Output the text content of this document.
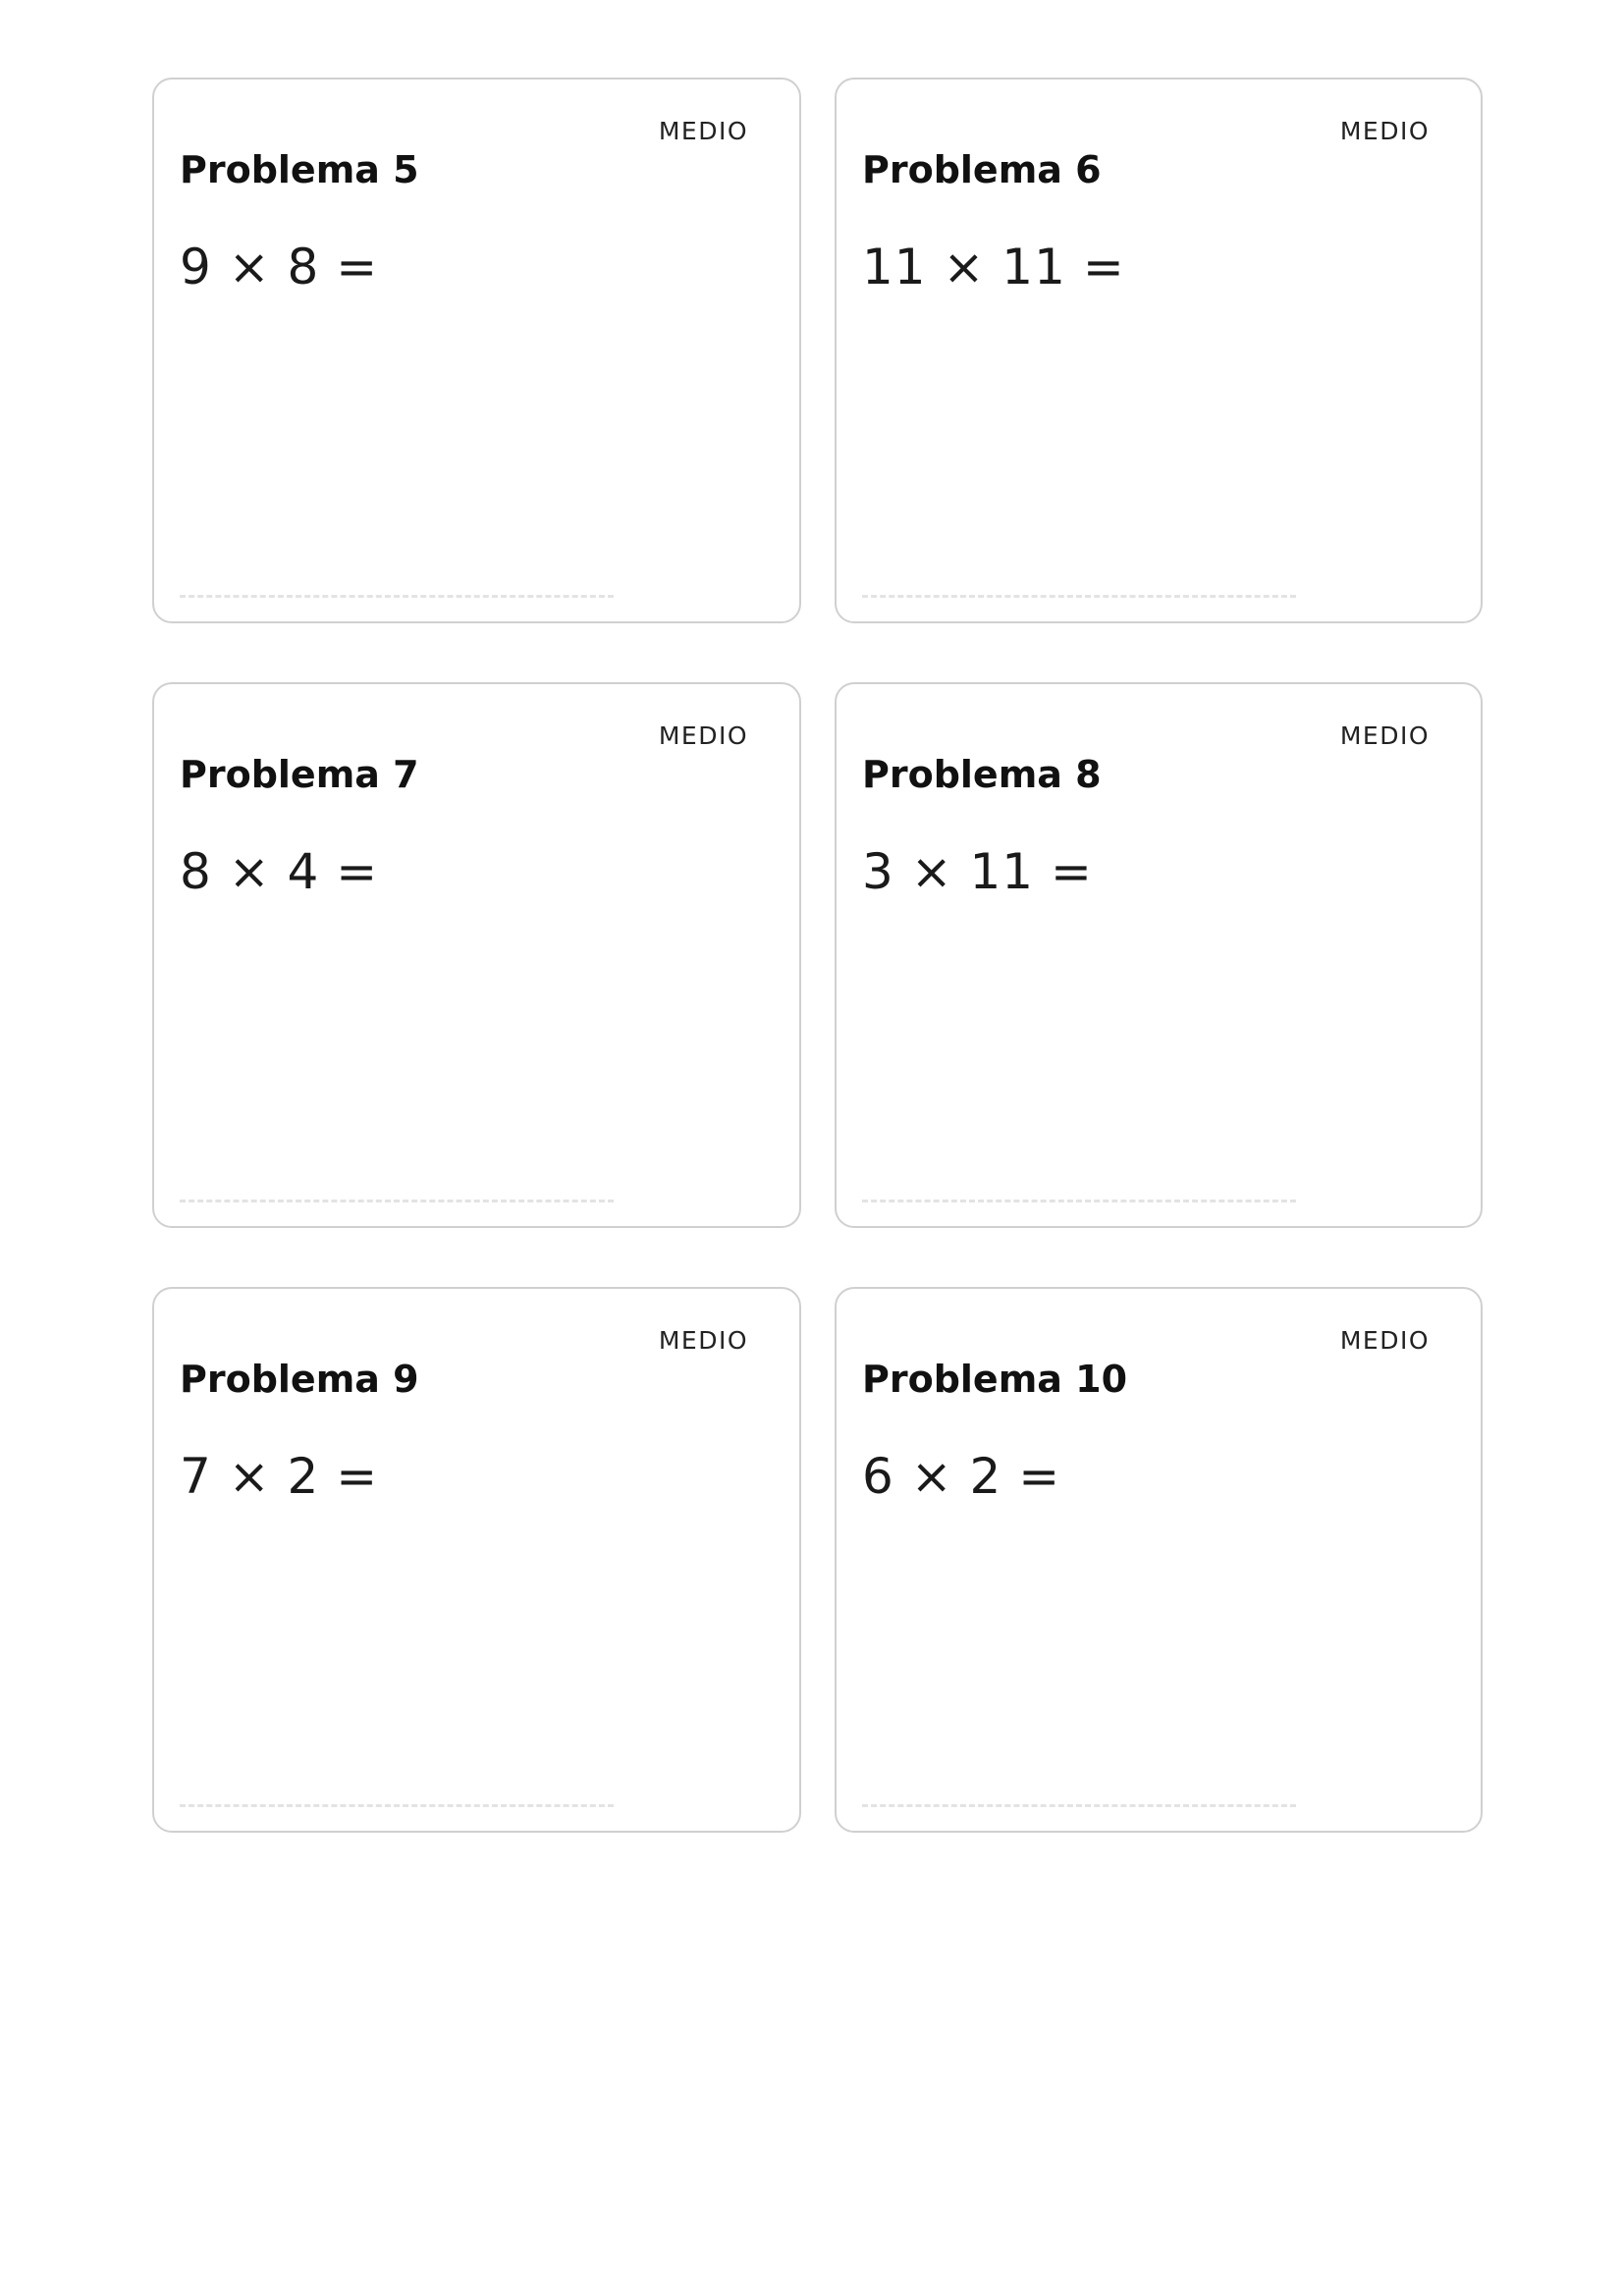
MEDIO
Problema 5
9 × 8 =
MEDIO
Problema 6
11 × 11 =
MEDIO
Problema 7
8 × 4 =
MEDIO
Problema 8
3 × 11 =
MEDIO
Problema 9
7 × 2 =
MEDIO
Problema 10
6 × 2 =
